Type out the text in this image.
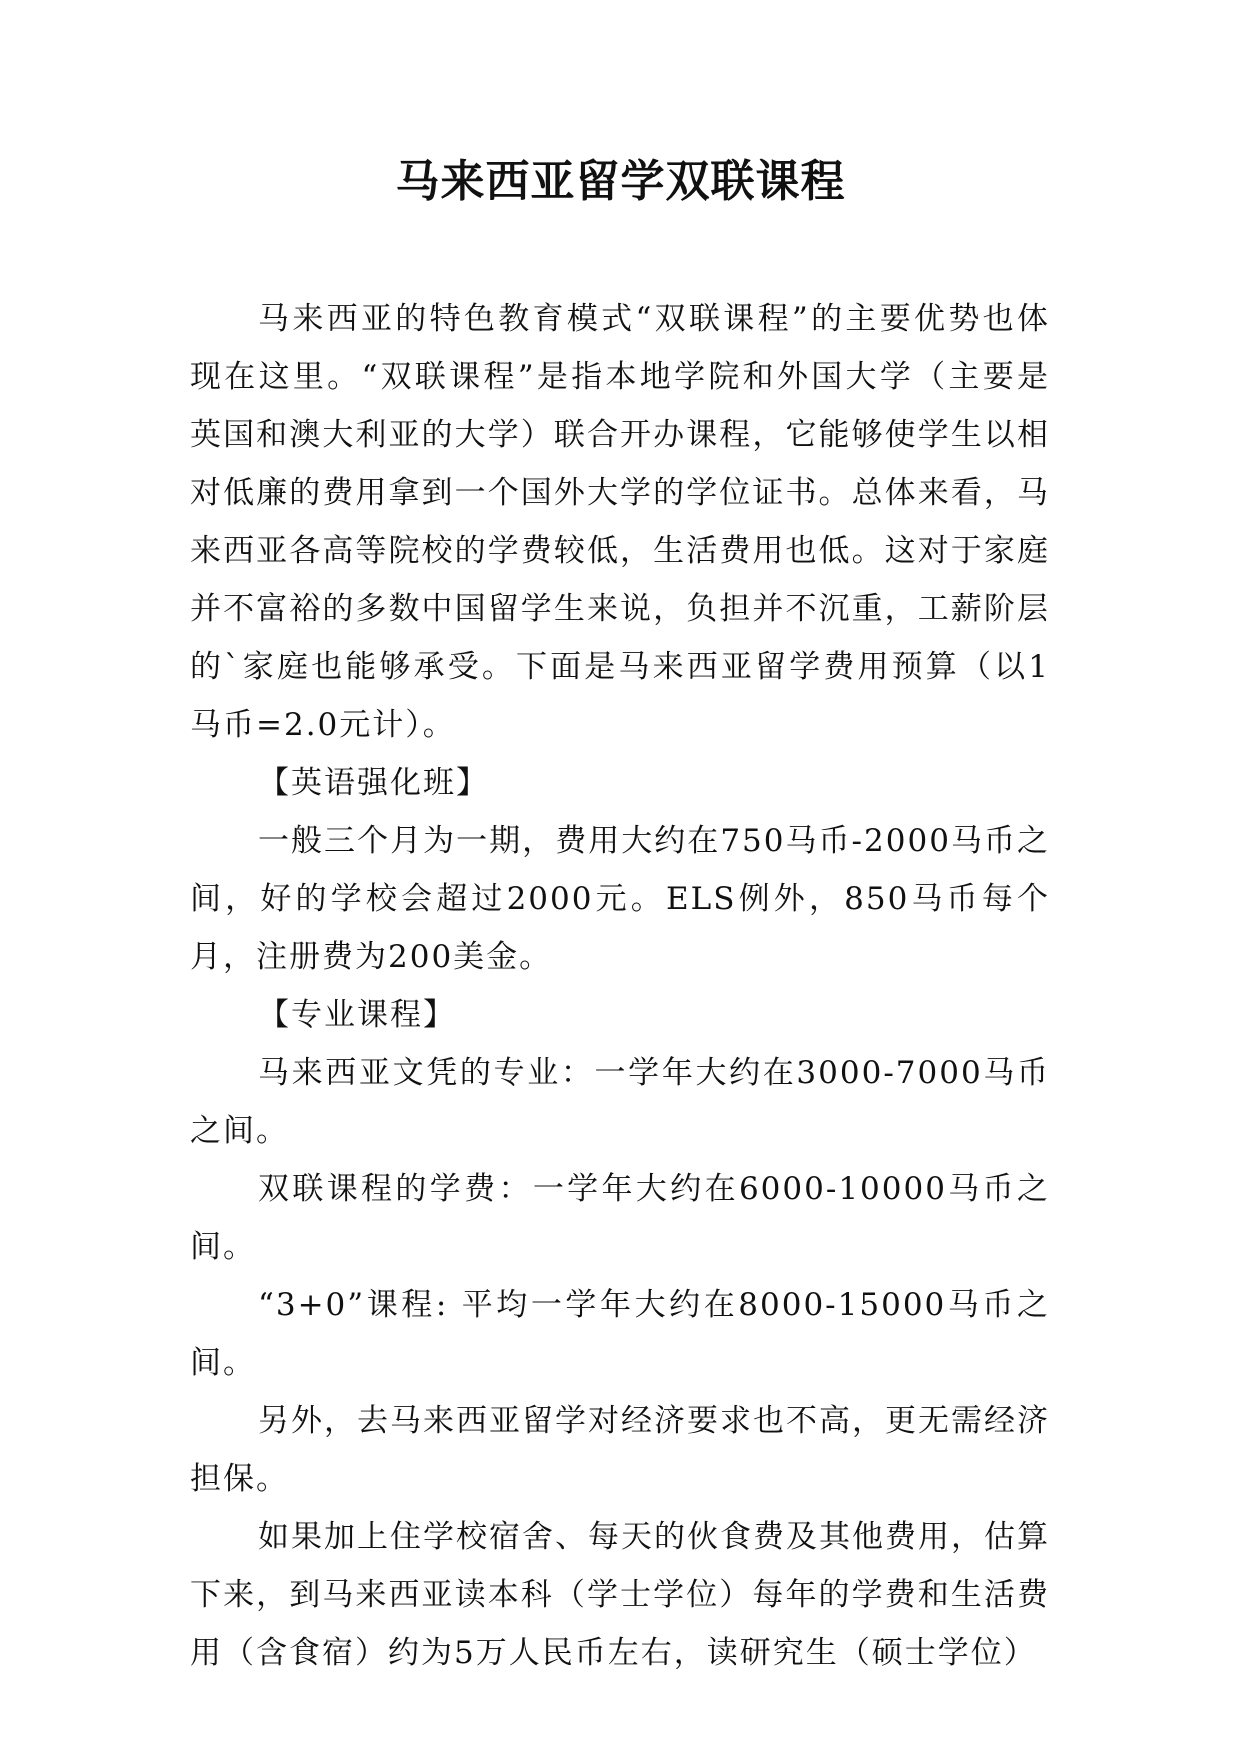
马来西亚留学双联课程

马来西亚的特色教育模式“双联课程”的主要优势也体现在这里。“双联课程”是指本地学院和外国大学（主要是英国和澳大利亚的大学）联合开办课程，它能够使学生以相对低廉的费用拿到一个国外大学的学位证书。总体来看，马来西亚各高等院校的学费较低，生活费用也低。这对于家庭并不富裕的多数中国留学生来说，负担并不沉重，工薪阶层的`家庭也能够承受。下面是马来西亚留学费用预算（以1马币=2.0元计）。

【英语强化班】

一般三个月为一期，费用大约在750马币-2000马币之间，好的学校会超过2000元。ELS例外，850马币每个月，注册费为200美金。

【专业课程】

马来西亚文凭的专业：一学年大约在3000-7000马币之间。

双联课程的学费：一学年大约在6000-10000马币之间。

“3+0”课程: 平均一学年大约在8000-15000马币之间。

另外，去马来西亚留学对经济要求也不高，更无需经济担保。

如果加上住学校宿舍、每天的伙食费及其他费用，估算下来，到马来西亚读本科（学士学位）每年的学费和生活费用（含食宿）约为5万人民币左右，读研究生（硕士学位）
